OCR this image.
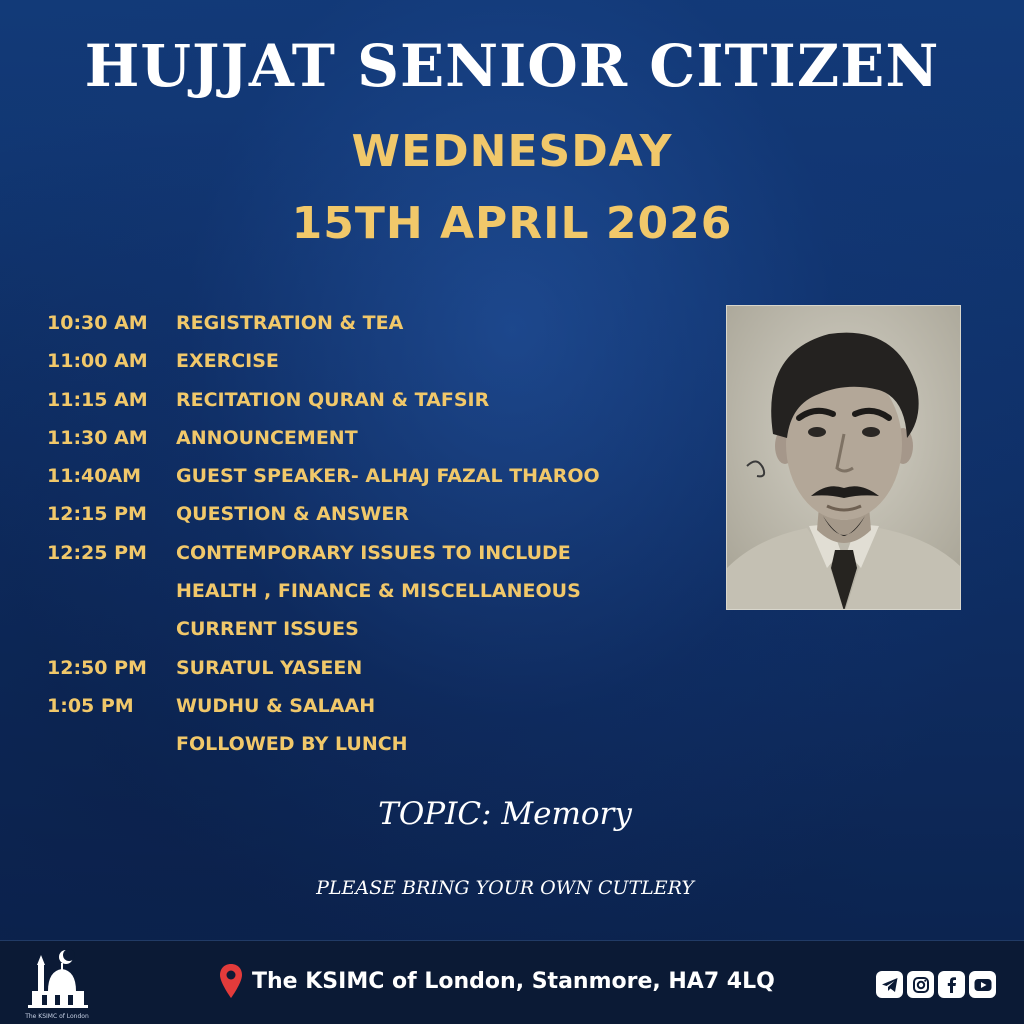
HUJJAT SENIOR CITIZEN
WEDNESDAY
15TH APRIL 2026
10:30 AM	REGISTRATION & TEA
11:00 AM	EXERCISE
11:15 AM	RECITATION QURAN & TAFSIR
11:30 AM	ANNOUNCEMENT
11:40AM	GUEST SPEAKER- ALHAJ FAZAL THAROO
12:15 PM	QUESTION & ANSWER
12:25 PM	CONTEMPORARY ISSUES TO INCLUDE
HEALTH , FINANCE & MISCELLANEOUS
CURRENT ISSUES
12:50 PM	SURATUL YASEEN
1:05 PM	WUDHU & SALAAH
FOLLOWED BY LUNCH
TOPIC: Memory
PLEASE BRING YOUR OWN CUTLERY
The KSIMC of London
The KSIMC of London, Stanmore, HA7 4LQ
